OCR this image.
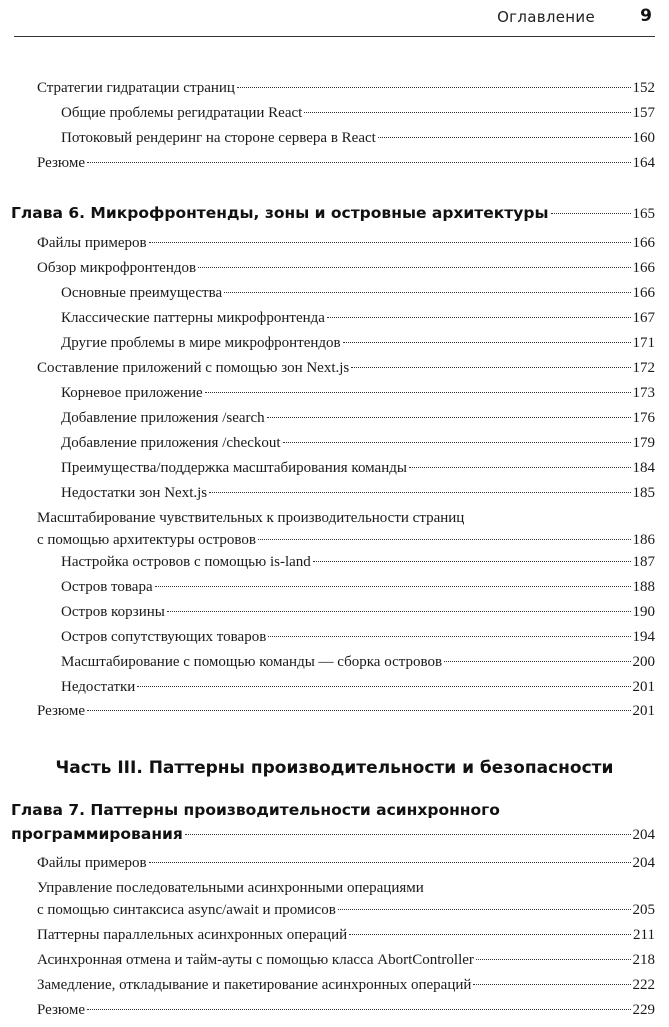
Оглавление	9
Стратегии гидратации страниц	152
Общие проблемы регидратации React	157
Потоковый рендеринг на стороне сервера в React	160
Резюме	164
Глава 6. Микрофронтенды, зоны и островные архитектуры	165
Файлы примеров	166
Обзор микрофронтендов	166
Основные преимущества	166
Классические паттерны микрофронтенда	167
Другие проблемы в мире микрофронтендов	171
Составление приложений с помощью зон Next.js	172
Корневое приложение	173
Добавление приложения /search	176
Добавление приложения /checkout	179
Преимущества/поддержка масштабирования команды	184
Недостатки зон Next.js	185
Масштабирование чувствительных к производительности страниц
с помощью архитектуры островов	186
Настройка островов с помощью is-land	187
Остров товара	188
Остров корзины	190
Остров сопутствующих товаров	194
Масштабирование с помощью команды — сборка островов	200
Недостатки	201
Резюме	201
Часть III. Паттерны производительности и безопасности
Глава 7. Паттерны производительности асинхронного
программирования	204
Файлы примеров	204
Управление последовательными асинхронными операциями
с помощью синтаксиса async/await и промисов	205
Паттерны параллельных асинхронных операций	211
Асинхронная отмена и тайм-ауты с помощью класса AbortController	218
Замедление, откладывание и пакетирование асинхронных операций	222
Резюме	229
